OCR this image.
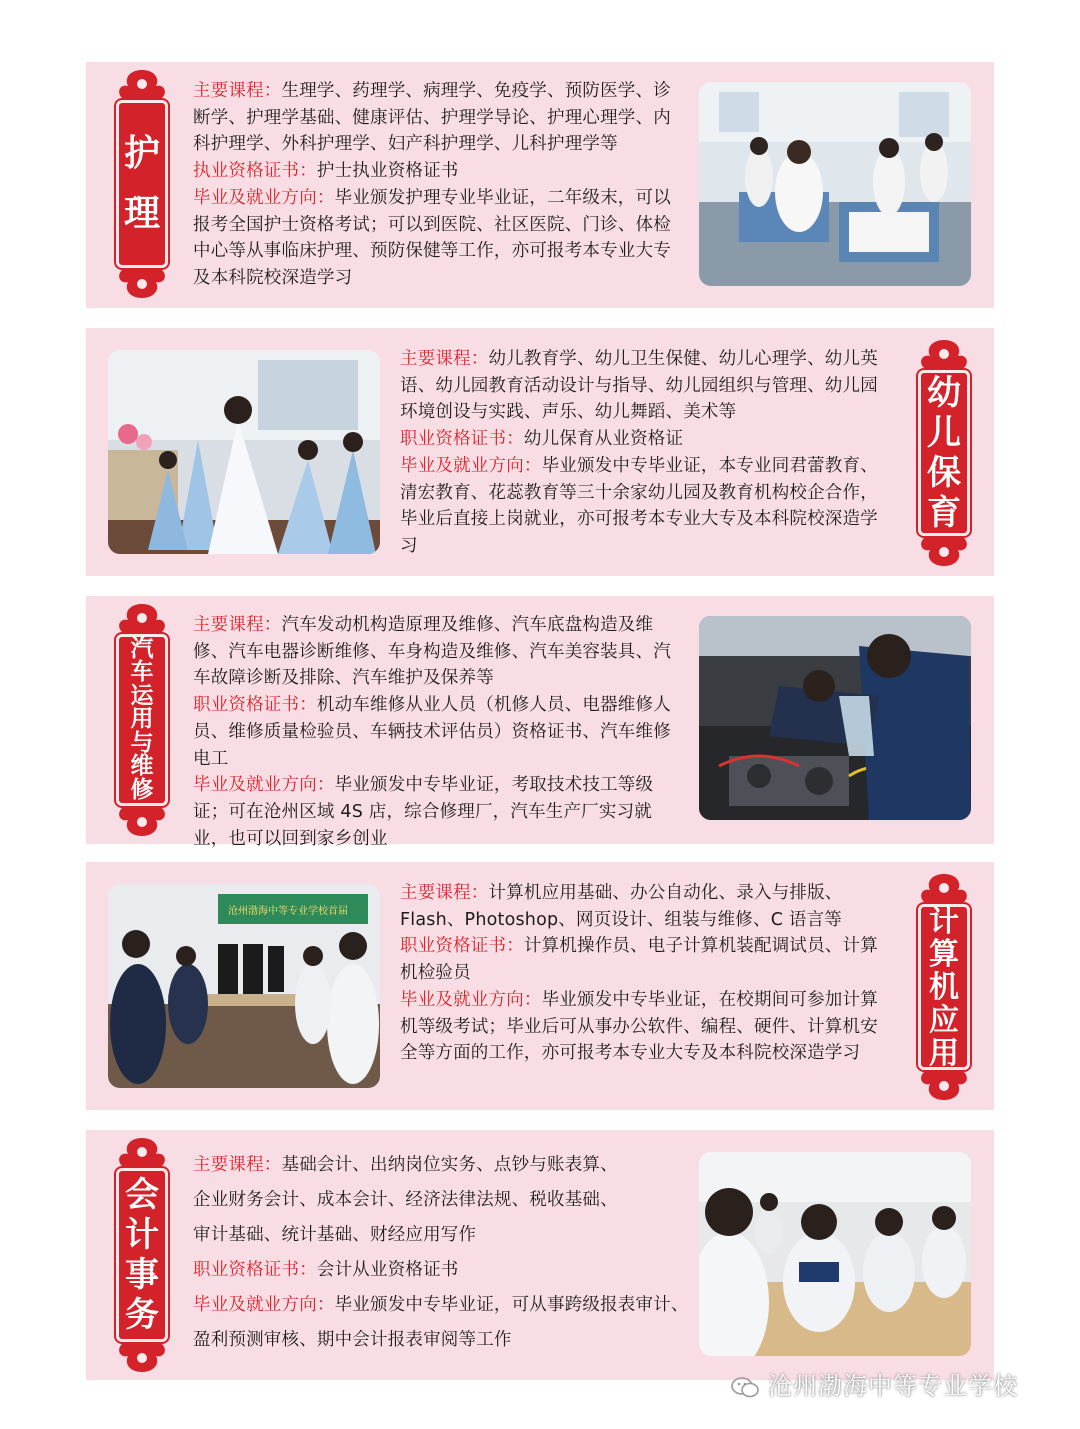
护
理

主要课程：生理学、药理学、病理学、免疫学、预防医学、诊断学、护理学基础、健康评估、护理学导论、护理心理学、内科护理学、外科护理学、妇产科护理学、儿科护理学等

执业资格证书：护士执业资格证书

毕业及就业方向：毕业颁发护理专业毕业证，二年级末，可以报考全国护士资格考试；可以到医院、社区医院、门诊、体检中心等从事临床护理、预防保健等工作，亦可报考本专业大专及本科院校深造学习

主要课程：幼儿教育学、幼儿卫生保健、幼儿心理学、幼儿英语、幼儿园教育活动设计与指导、幼儿园组织与管理、幼儿园环境创设与实践、声乐、幼儿舞蹈、美术等

职业资格证书：幼儿保育从业资格证

毕业及就业方向：毕业颁发中专毕业证，本专业同君蕾教育、清宏教育、花蕊教育等三十余家幼儿园及教育机构校企合作，毕业后直接上岗就业，亦可报考本专业大专及本科院校深造学习

幼
儿
保
育
汽
车
运
用
与
维
修

主要课程：汽车发动机构造原理及维修、汽车底盘构造及维修、汽车电器诊断维修、车身构造及维修、汽车美容装具、汽车故障诊断及排除、汽车维护及保养等

职业资格证书：机动车维修从业人员（机修人员、电器维修人员、维修质量检验员、车辆技术评估员）资格证书、汽车维修电工

毕业及就业方向：毕业颁发中专毕业证，考取技术技工等级证；可在沧州区域 4S 店，综合修理厂，汽车生产厂实习就业，也可以回到家乡创业

沧州渤海中等专业学校首届

主要课程：计算机应用基础、办公自动化、录入与排版、Flash、Photoshop、网页设计、组装与维修、C 语言等

职业资格证书：计算机操作员、电子计算机装配调试员、计算机检验员

毕业及就业方向：毕业颁发中专毕业证，在校期间可参加计算机等级考试；毕业后可从事办公软件、编程、硬件、计算机安全等方面的工作，亦可报考本专业大专及本科院校深造学习

计
算
机
应
用
会
计
事
务

主要课程：基础会计、出纳岗位实务、点钞与账表算、

企业财务会计、成本会计、经济法律法规、税收基础、

审计基础、统计基础、财经应用写作

职业资格证书：会计从业资格证书

毕业及就业方向：毕业颁发中专毕业证，可从事跨级报表审计、盈利预测审核、期中会计报表审阅等工作

沧州渤海中等专业学校
